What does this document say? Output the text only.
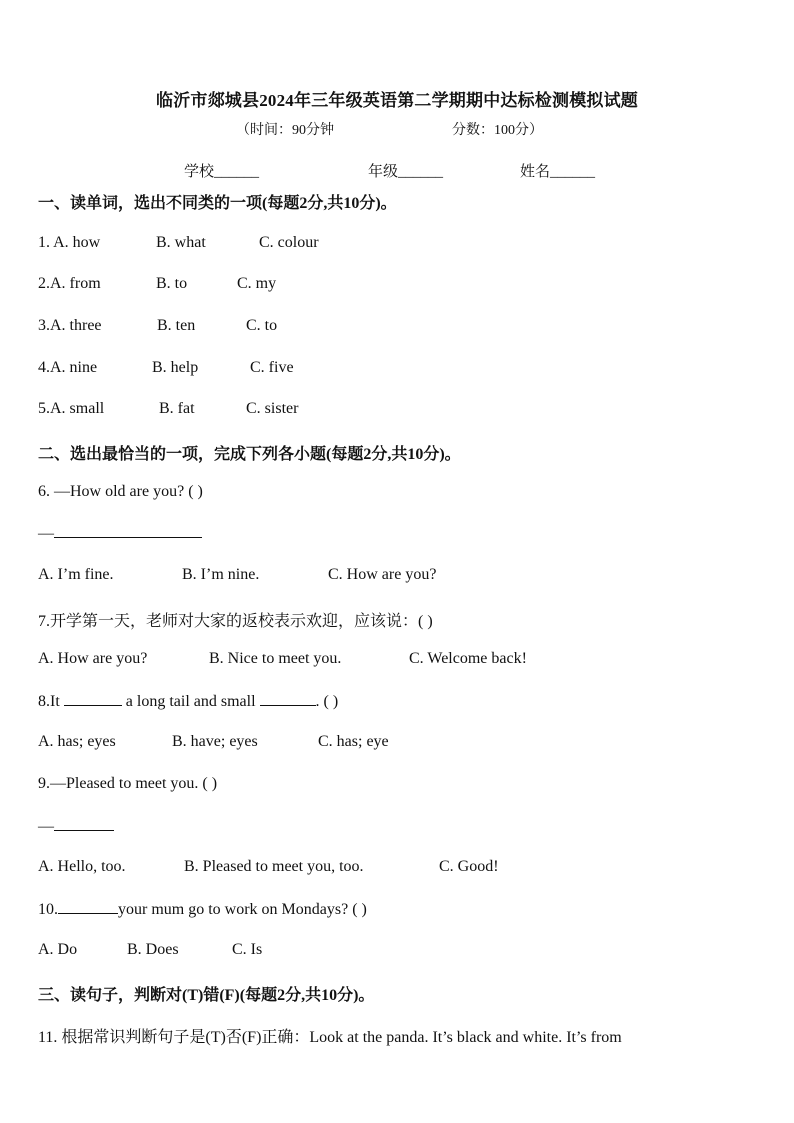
临沂市郯城县2024年三年级英语第二学期期中达标检测模拟试题
（时间：90分钟	分数：100分）
学校______	年级______	姓名______
一、读单词，选出不同类的一项(每题2分,共10分)。
1. A. how	B. what	C. colour
2.A. from	B. to	C. my
3.A. three	B. ten	C. to
4.A. nine	B. help	C. five
5.A. small	B. fat	C. sister
二、选出最恰当的一项，完成下列各小题(每题2分,共10分)。
6. —How old are you? ( )
—
A. I’m fine.	B. I’m nine.	C. How are you?
7.开学第一天，老师对大家的返校表示欢迎，应该说：( )
A. How are you?	B. Nice to meet you.	C. Welcome back!
8.It	a long tail and small	. ( )
A. has; eyes	B. have; eyes	C. has; eye
9.—Pleased to meet you. ( )
—
A. Hello, too.	B. Pleased to meet you, too.	C. Good!
10.	your mum go to work on Mondays? ( )
A. Do	B. Does	C. Is
三、读句子，判断对(T)错(F)(每题2分,共10分)。
11. 根据常识判断句子是(T)否(F)正确：Look at the panda. It’s black and white. It’s from
